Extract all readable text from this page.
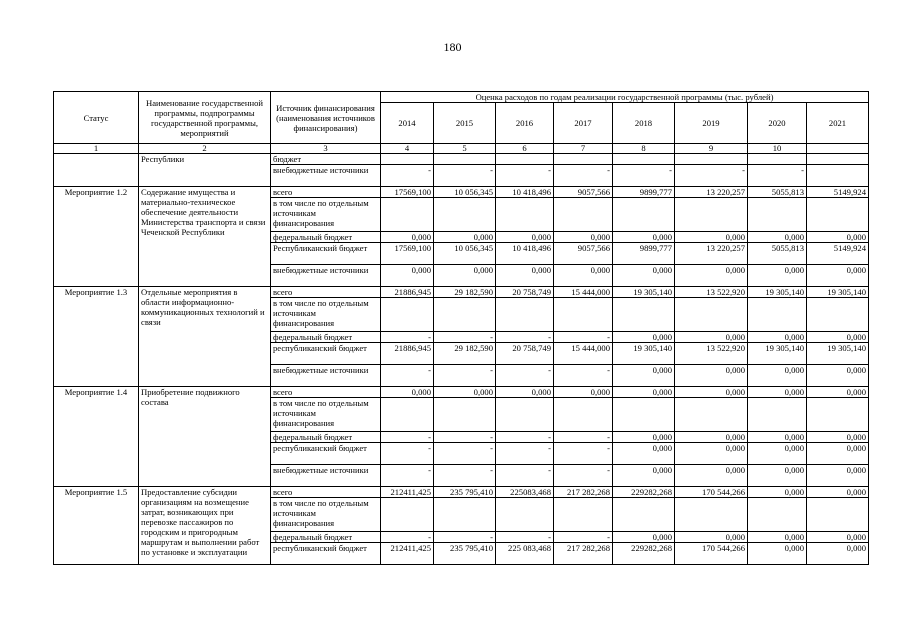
180
Статус	Наименование государственной программы, подпрограммы государственной программы, мероприятий	Источник финансирования (наименования источников финансирования)	Оценка расходов по годам реализации государственной программы (тыс. рублей)							
			2014	2015	2016	2017	2018	2019	2020	2021
1	2	3	4	5	6	7	8	9	10	
	Республики	бюджет								
		внебюджетные источники	-	-	-	-	-	-	-	
Мероприятие 1.2	Содержание имущества и материально-техническое обеспечение деятельности Министерства транспорта и связи Чеченской Республики	всего	17569,100	10 056,345	10 418,496	9057,566	9899,777	13 220,257	5055,813	5149,924
		в том числе по отдельным источникам финансирования								
		федеральный бюджет	0,000	0,000	0,000	0,000	0,000	0,000	0,000	0,000
		Республиканский бюджет	17569,100	10 056,345	10 418,496	9057,566	9899,777	13 220,257	5055,813	5149,924
		внебюджетные источники	0,000	0,000	0,000	0,000	0,000	0,000	0,000	0,000
Мероприятие 1.3	Отдельные мероприятия в области информационно-коммуникационных технологий и связи	всего	21886,945	29 182,590	20 758,749	15 444,000	19 305,140	13 522,920	19 305,140	19 305,140
		в том числе по отдельным источникам финансирования								
		федеральный бюджет	-	-	-	-	0,000	0,000	0,000	0,000
		республиканский бюджет	21886,945	29 182,590	20 758,749	15 444,000	19 305,140	13 522,920	19 305,140	19 305,140
		внебюджетные источники	-	-	-	-	0,000	0,000	0,000	0,000
Мероприятие 1.4	Приобретение подвижного состава	всего	0,000	0,000	0,000	0,000	0,000	0,000	0,000	0,000
		в том числе по отдельным источникам финансирования								
		федеральный бюджет	-	-	-	-	0,000	0,000	0,000	0,000
		республиканский бюджет	-	-	-	-	0,000	0,000	0,000	0,000
		внебюджетные источники	-	-	-	-	0,000	0,000	0,000	0,000
Мероприятие 1.5	Предоставление субсидии организациям на возмещение затрат, возникающих при перевозке пассажиров по городским и пригородным маршрутам и выполнении работ по установке и эксплуатации	всего	212411,425	235 795,410	225083,468	217 282,268	229282,268	170 544,266	0,000	0,000
		в том числе по отдельным источникам финансирования								
		федеральный бюджет	-	-	-	-	0,000	0,000	0,000	0,000
		республиканский бюджет	212411,425	235 795,410	225 083,468	217 282,268	229282,268	170 544,266	0,000	0,000
